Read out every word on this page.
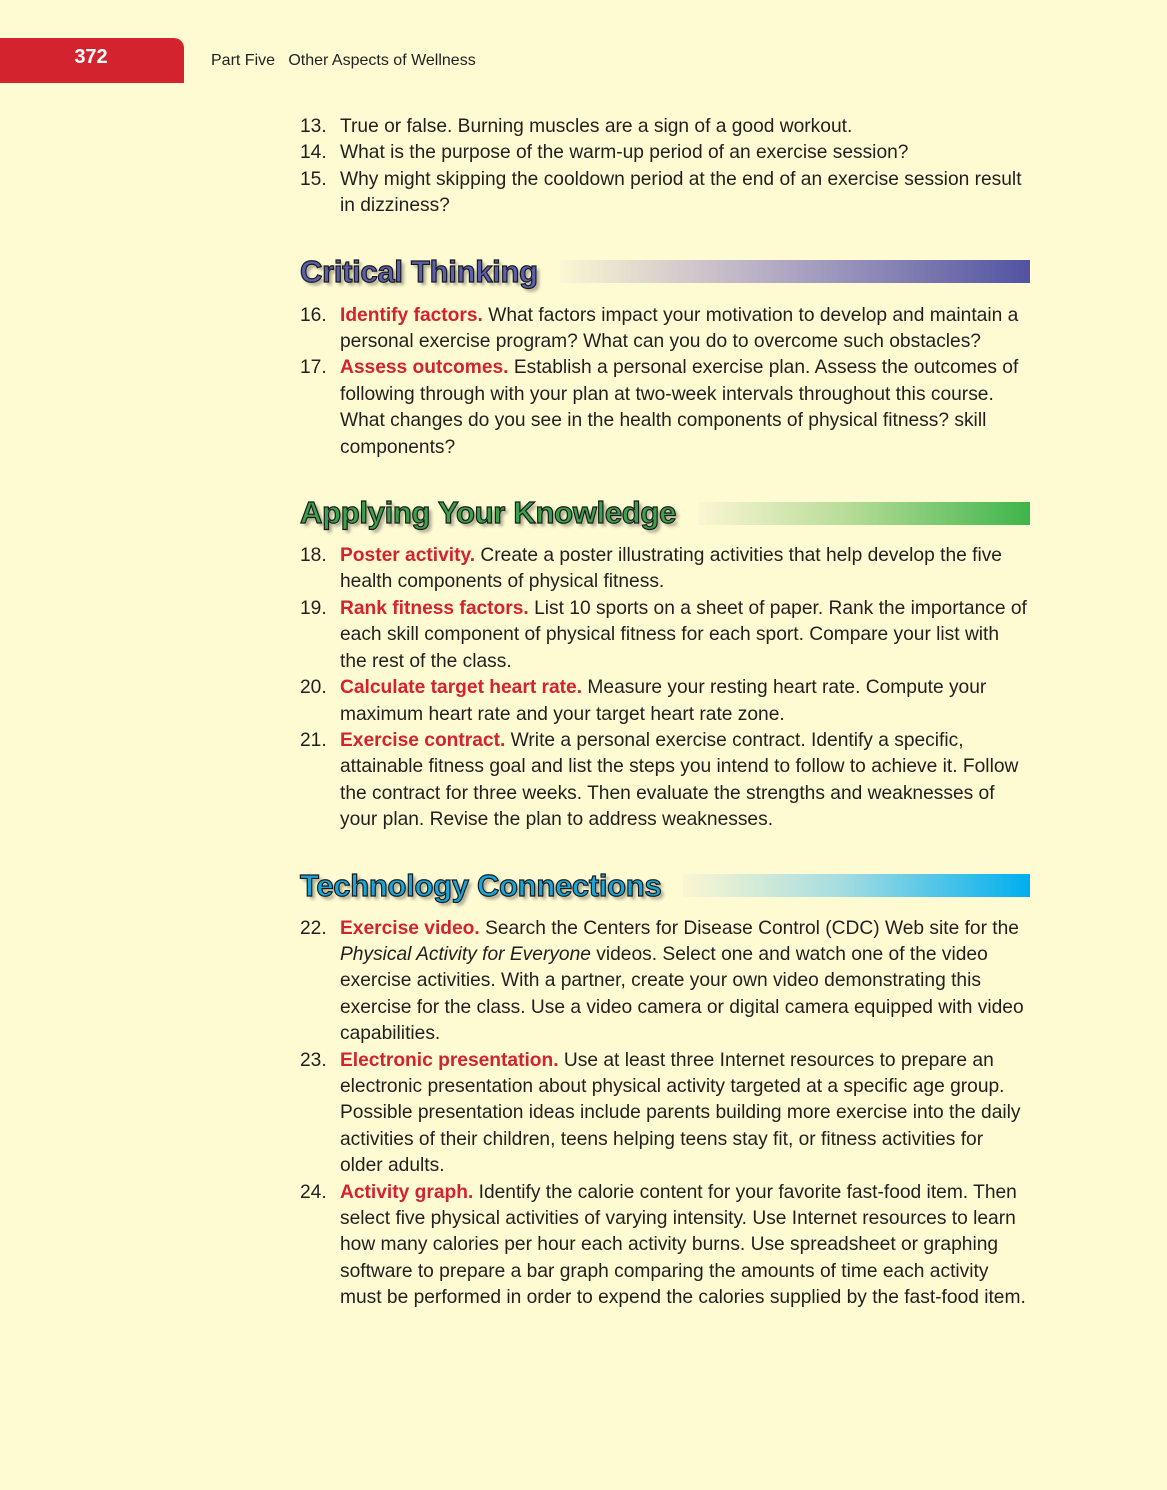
372	Part Five   Other Aspects of Wellness
13. True or false. Burning muscles are a sign of a good workout.
14. What is the purpose of the warm-up period of an exercise session?
15. Why might skipping the cooldown period at the end of an exercise session result in dizziness?
Critical Thinking
16. Identify factors. What factors impact your motivation to develop and maintain a personal exercise program? What can you do to overcome such obstacles?
17. Assess outcomes. Establish a personal exercise plan. Assess the outcomes of following through with your plan at two-week intervals throughout this course. What changes do you see in the health components of physical fitness? skill components?
Applying Your Knowledge
18. Poster activity. Create a poster illustrating activities that help develop the five health components of physical fitness.
19. Rank fitness factors. List 10 sports on a sheet of paper. Rank the importance of each skill component of physical fitness for each sport. Compare your list with the rest of the class.
20. Calculate target heart rate. Measure your resting heart rate. Compute your maximum heart rate and your target heart rate zone.
21. Exercise contract. Write a personal exercise contract. Identify a specific, attainable fitness goal and list the steps you intend to follow to achieve it. Follow the contract for three weeks. Then evaluate the strengths and weaknesses of your plan. Revise the plan to address weaknesses.
Technology Connections
22. Exercise video. Search the Centers for Disease Control (CDC) Web site for the Physical Activity for Everyone videos. Select one and watch one of the video exercise activities. With a partner, create your own video demonstrating this exercise for the class. Use a video camera or digital camera equipped with video capabilities.
23. Electronic presentation. Use at least three Internet resources to prepare an electronic presentation about physical activity targeted at a specific age group. Possible presentation ideas include parents building more exercise into the daily activities of their children, teens helping teens stay fit, or fitness activities for older adults.
24. Activity graph. Identify the calorie content for your favorite fast-food item. Then select five physical activities of varying intensity. Use Internet resources to learn how many calories per hour each activity burns. Use spreadsheet or graphing software to prepare a bar graph comparing the amounts of time each activity must be performed in order to expend the calories supplied by the fast-food item.
